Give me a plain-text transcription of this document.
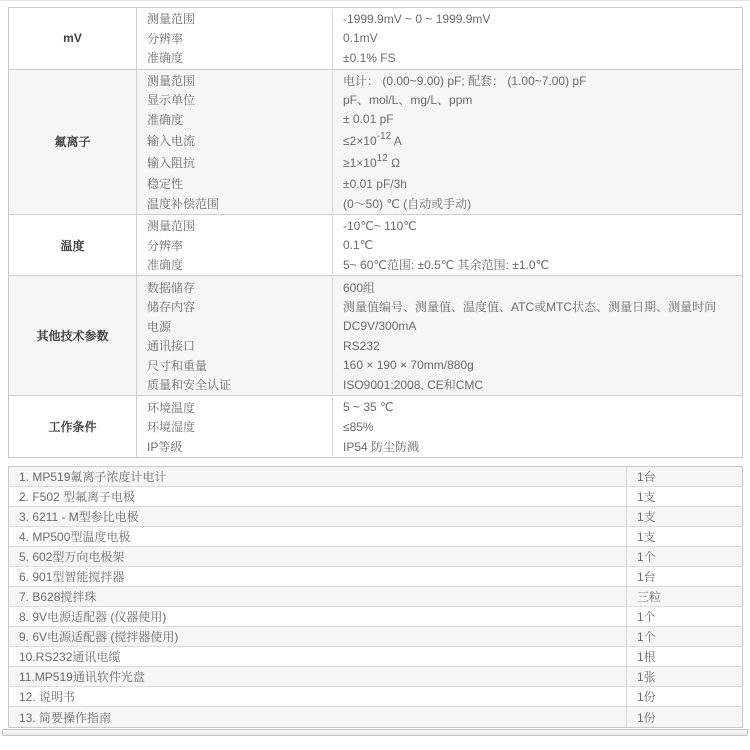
mV
测量范围	-1999.9mV ~ 0 ~ 1999.9mV
分辨率	0.1mV
准确度	±0.1% FS
氟离子
测量范围	电计： (0.00~9.00) pF; 配套： (1.00~7.00) pF
显示单位	pF、mol/L、mg/L、ppm
准确度	± 0.01 pF
输入电流	$\le 2\times 10^{-12}$ A
输入阻抗	$\ge 1\times 10^{12}$ Ω
稳定性	±0.01 pF/3h
温度补偿范围	(0～50) ℃ (自动或手动)
温度
测量范围	-10℃~ 110℃
分辨率	0.1℃
准确度	5~ 60℃范围: ±0.5℃ 其余范围: ±1.0℃
其他技术参数
数据储存	600组
储存内容	测量值编号、测量值、温度值、ATC或MTC状态、测量日期、测量时间
电源	DC9V/300mA
通讯接口	RS232
尺寸和重量	160 × 190 × 70mm/880g
质量和安全认证	ISO9001:2008, CE和CMC
工作条件
环境温度	5 ~ 35 ℃
环境湿度	≤85%
IP等级	IP54 防尘防溅
1. MP519氟离子浓度计电计	1台
2. F502 型氟离子电极	1支
3. 6211 - M型参比电极	1支
4. MP500型温度电极	1支
5. 602型万向电极架	1个
6. 901型智能搅拌器	1台
7. B628搅拌珠	三粒
8. 9V电源适配器 (仪器使用)	1个
9. 6V电源适配器 (搅拌器使用)	1个
10.RS232通讯电缆	1根
11.MP519通讯软件光盘	1张
12. 说明书	1份
13. 简要操作指南	1份
